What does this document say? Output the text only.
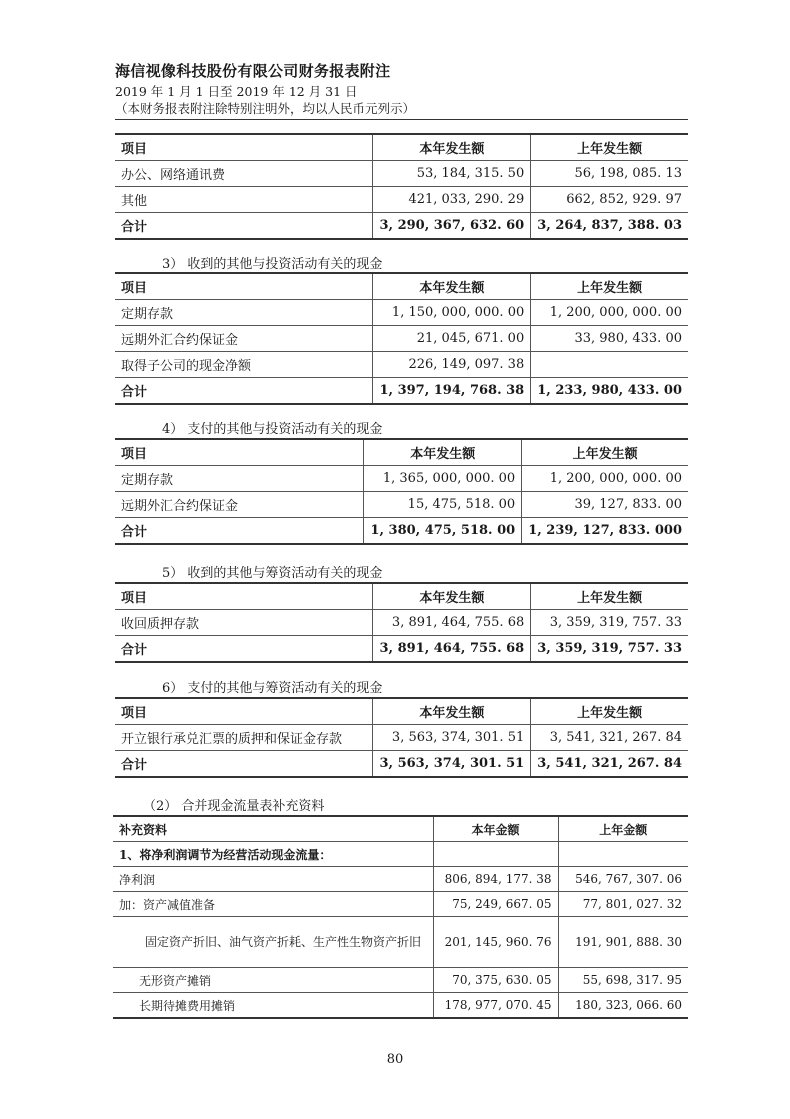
海信视像科技股份有限公司财务报表附注
2019 年 1 月 1 日至 2019 年 12 月 31 日
（本财务报表附注除特别注明外，均以人民币元列示）
项目	本年发生额	上年发生额
办公、网络通讯费	53, 184, 315. 50	56, 198, 085. 13
其他	421, 033, 290. 29	662, 852, 929. 97
合计	3, 290, 367, 632. 60	3, 264, 837, 388. 03
3） 收到的其他与投资活动有关的现金
项目	本年发生额	上年发生额
定期存款	1, 150, 000, 000. 00	1, 200, 000, 000. 00
远期外汇合约保证金	21, 045, 671. 00	33, 980, 433. 00
取得子公司的现金净额	226, 149, 097. 38	
合计	1, 397, 194, 768. 38	1, 233, 980, 433. 00
4） 支付的其他与投资活动有关的现金
项目	本年发生额	上年发生额
定期存款	1, 365, 000, 000. 00	1, 200, 000, 000. 00
远期外汇合约保证金	15, 475, 518. 00	39, 127, 833. 00
合计	1, 380, 475, 518. 00	1, 239, 127, 833. 000
5） 收到的其他与筹资活动有关的现金
项目	本年发生额	上年发生额
收回质押存款	3, 891, 464, 755. 68	3, 359, 319, 757. 33
合计	3, 891, 464, 755. 68	3, 359, 319, 757. 33
6） 支付的其他与筹资活动有关的现金
项目	本年发生额	上年发生额
开立银行承兑汇票的质押和保证金存款	3, 563, 374, 301. 51	3, 541, 321, 267. 84
合计	3, 563, 374, 301. 51	3, 541, 321, 267. 84
（2） 合并现金流量表补充资料
补充资料	本年金额	上年金额
1、将净利润调节为经营活动现金流量：		
净利润	806, 894, 177. 38	546, 767, 307. 06
加：资产减值准备	75, 249, 667. 05	77, 801, 027. 32
固定资产折旧、油气资产折耗、生产性生物资产折旧	201, 145, 960. 76	191, 901, 888. 30
无形资产摊销	70, 375, 630. 05	55, 698, 317. 95
长期待摊费用摊销	178, 977, 070. 45	180, 323, 066. 60
80
